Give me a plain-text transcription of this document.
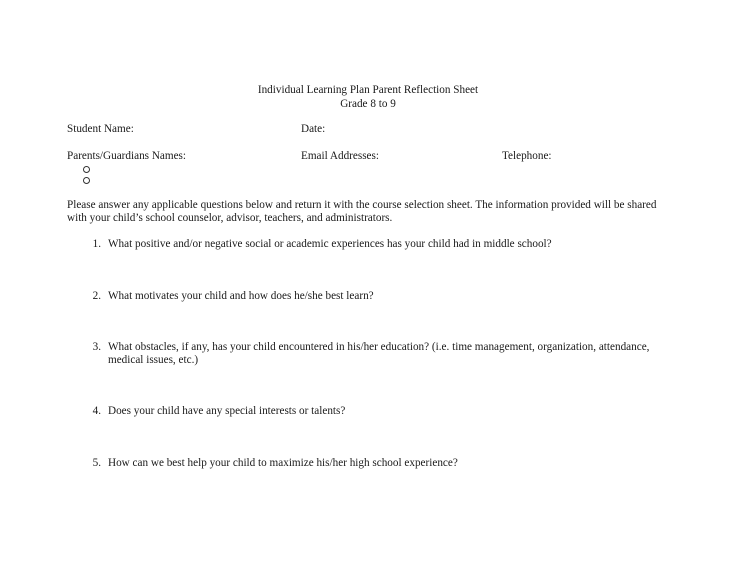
Individual Learning Plan Parent Reflection Sheet
Grade 8 to 9
Student Name:	Date:
Parents/Guardians Names:	Email Addresses:	Telephone:
Please answer any applicable questions below and return it with the course selection sheet. The information provided will be shared with your child’s school counselor, advisor, teachers, and administrators.
1. What positive and/or negative social or academic experiences has your child had in middle school?
2. What motivates your child and how does he/she best learn?
3. What obstacles, if any, has your child encountered in his/her education? (i.e. time management, organization, attendance, medical issues, etc.)
4. Does your child have any special interests or talents?
5. How can we best help your child to maximize his/her high school experience?
